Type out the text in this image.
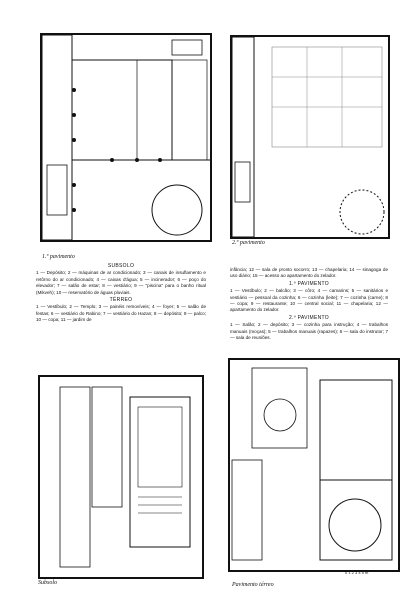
1.º pavimento
2.º pavimento
SUBSOLO
1 — Depósito; 2 — máquinas de ar condicionado; 3 — canais de insuflamento e retôrno do ar condicionado; 4 — caixas d'água; 5 — incinerador; 6 — poço do elevador; 7 — salão de estar; 8 — vestiário; 9 — "piscina" para o banho ritual (Mikveh); 10 — reservatório de águas pluviais.
TÉRREO
1 — Vestíbulo; 2 — Templo; 3 — painéis removíveis; 4 — foyer; 5 — salão de festas; 6 — vestiário do Rabino; 7 — vestiário do Hazan; 8 — depósito; 9 — palco; 10 — copa; 11 — jardim de
infância; 12 — sala de pronto socorro; 13 — chapelaria; 14 — sinagoga de uso diário; 15 — acesso ao apartamento do zelador.
1.º PAVIMENTO
1 — Vestíbulo; 2 — balcão; 3 — côro; 4 — camarins; 5 — sanitários e vestiário — pessoal da cozinha; 6 — cozinha (leite); 7 — cozinha (carne); 8 — copa; 9 — restaurante; 10 — central social; 11 — chapelaria; 12 — apartamento do zelador.
2.º PAVIMENTO
1 — Salão; 2 — depósito; 3 — cozinha para instrução; 4 — trabalhos manuais (moças); 5 — trabalhos manuais (rapazes); 6 — sala do instrutor; 7 — sala de reuniões.
Subsolo	Pavimento térreo
0 1 2 3 4 5 m
